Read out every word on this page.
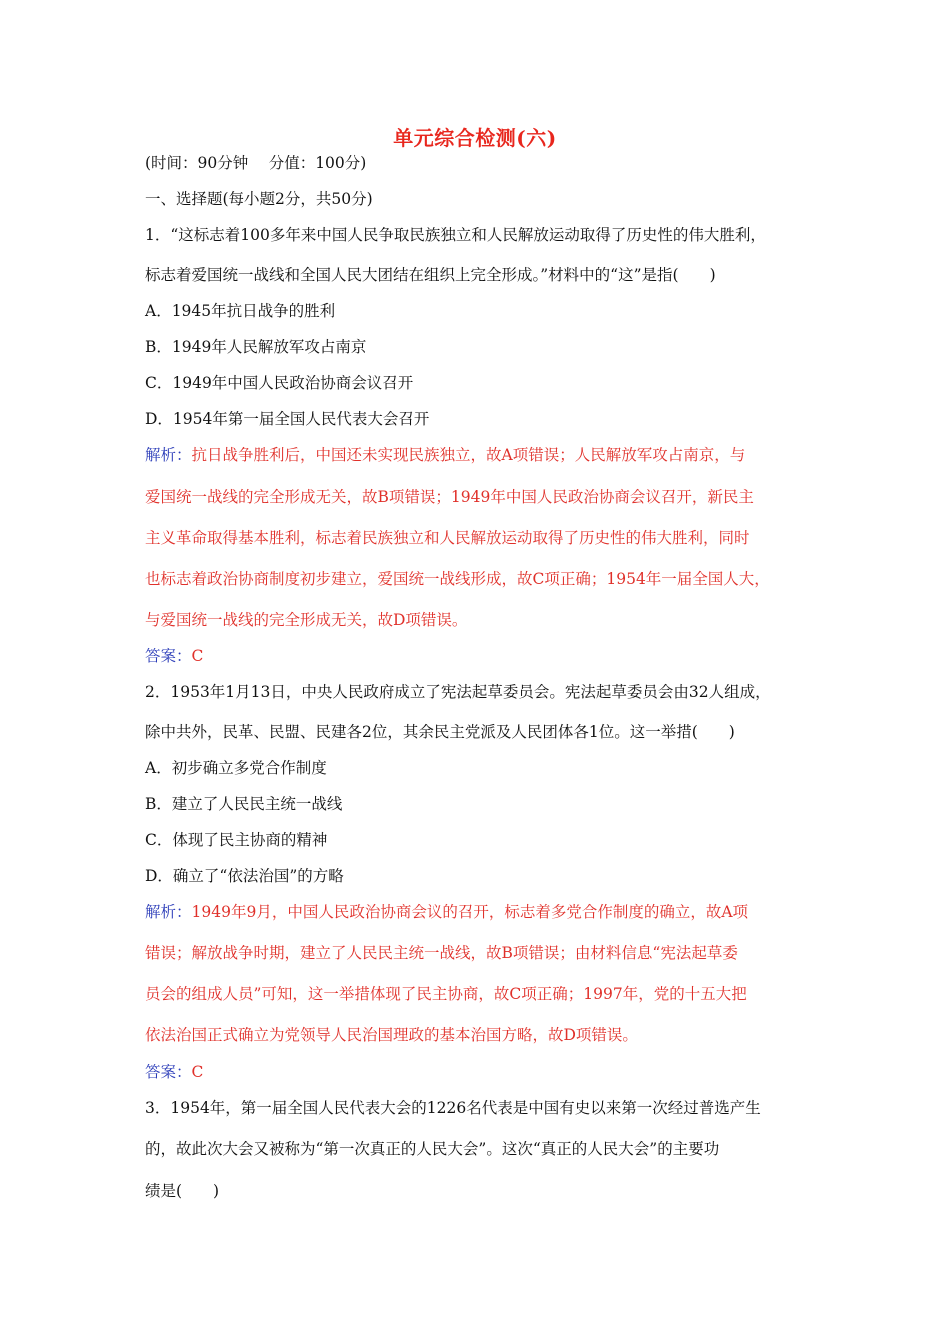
单元综合检测(六)
(时间：90分钟　 分值：100分)
一、选择题(每小题2分，共50分)
1．“这标志着100多年来中国人民争取民族独立和人民解放运动取得了历史性的伟大胜利，
标志着爱国统一战线和全国人民大团结在组织上完全形成。”材料中的“这”是指(　　)
A．1945年抗日战争的胜利
B．1949年人民解放军攻占南京
C．1949年中国人民政治协商会议召开
D．1954年第一届全国人民代表大会召开
解析：抗日战争胜利后，中国还未实现民族独立，故A项错误；人民解放军攻占南京，与
爱国统一战线的完全形成无关，故B项错误；1949年中国人民政治协商会议召开，新民主
主义革命取得基本胜利，标志着民族独立和人民解放运动取得了历史性的伟大胜利，同时
也标志着政治协商制度初步建立，爱国统一战线形成，故C项正确；1954年一届全国人大，
与爱国统一战线的完全形成无关，故D项错误。
答案：C
2．1953年1月13日，中央人民政府成立了宪法起草委员会。宪法起草委员会由32人组成，
除中共外，民革、民盟、民建各2位，其余民主党派及人民团体各1位。这一举措(　　)
A．初步确立多党合作制度
B．建立了人民民主统一战线
C．体现了民主协商的精神
D．确立了“依法治国”的方略
解析：1949年9月，中国人民政治协商会议的召开，标志着多党合作制度的确立，故A项
错误；解放战争时期，建立了人民民主统一战线，故B项错误；由材料信息“宪法起草委
员会的组成人员”可知，这一举措体现了民主协商，故C项正确；1997年，党的十五大把
依法治国正式确立为党领导人民治国理政的基本治国方略，故D项错误。
答案：C
3．1954年，第一届全国人民代表大会的1226名代表是中国有史以来第一次经过普选产生
的，故此次大会又被称为“第一次真正的人民大会”。这次“真正的人民大会”的主要功
绩是(　　)
